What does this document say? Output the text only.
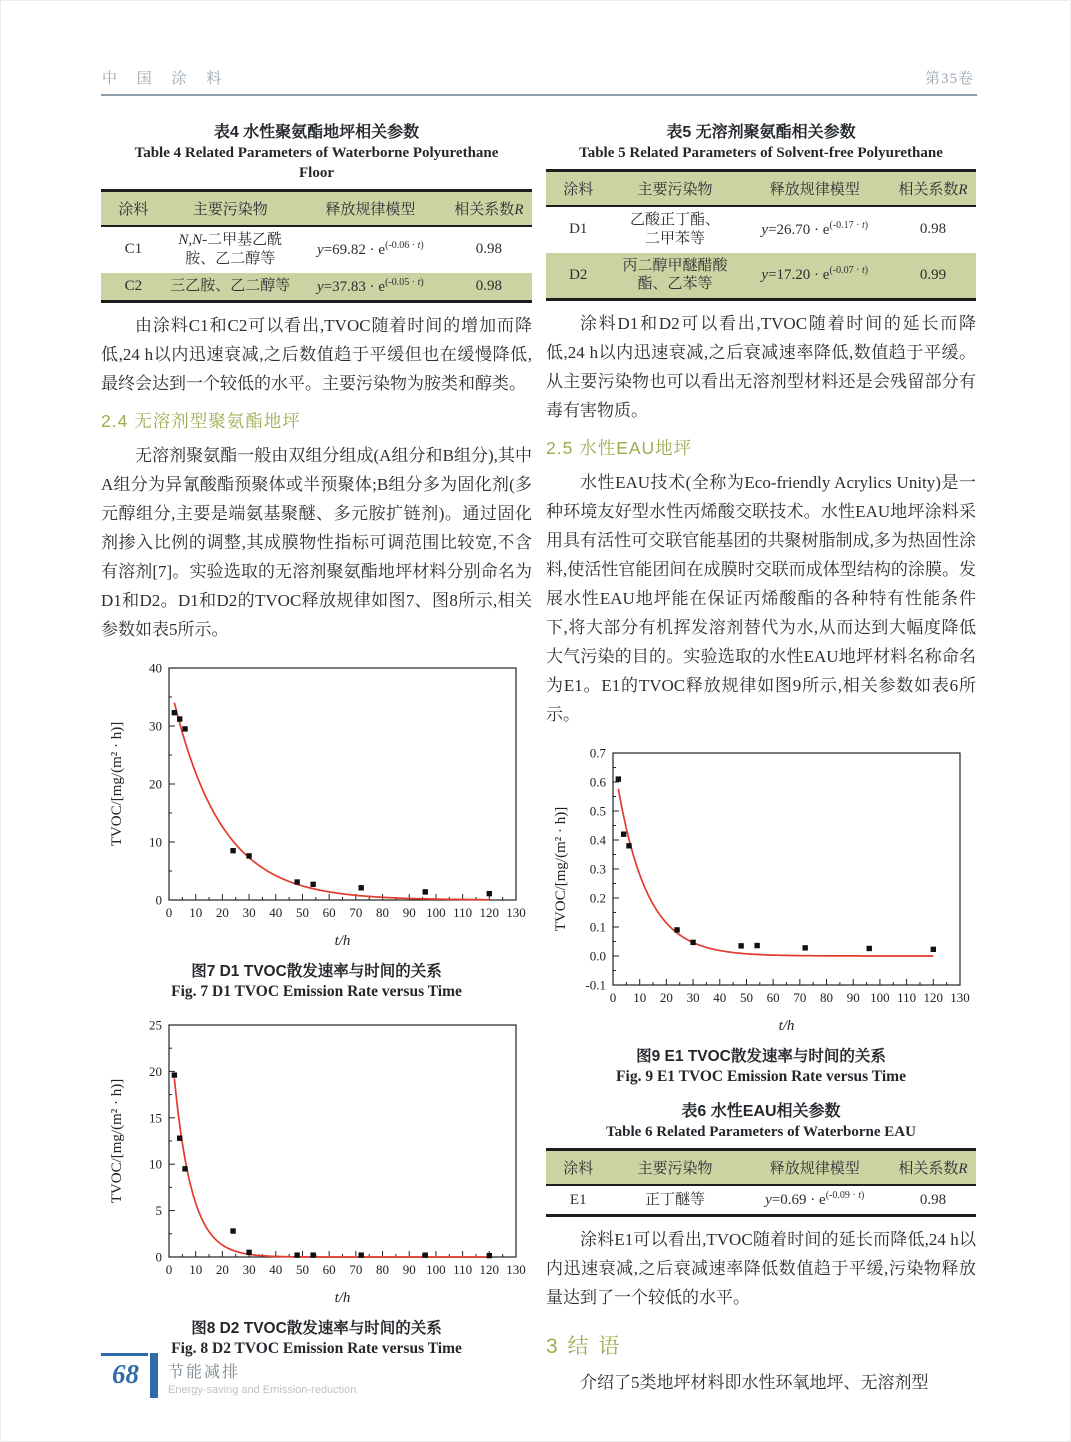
中 国 涂 料	第35卷
表4 水性聚氨酯地坪相关参数
Table 4 Related Parameters of Waterborne Polyurethane
Floor
涂料	主要污染物	释放规律模型	相关系数R
C1	N,N-二甲基乙酰
胺、乙二醇等	$y=69.82 \cdot e^{(-0.06 \cdot t)}$	0.98
C2	三乙胺、乙二醇等	$y=37.83 \cdot e^{(-0.05 \cdot t)}$	0.98

由涂料C1和C2可以看出,TVOC随着时间的增加而降低,24 h以内迅速衰减,之后数值趋于平缓但也在缓慢降低,最终会达到一个较低的水平。主要污染物为胺类和醇类。

2.4 无溶剂型聚氨酯地坪

无溶剂聚氨酯一般由双组分组成(A组分和B组分),其中A组分为异氰酸酯预聚体或半预聚体;B组分多为固化剂(多元醇组分,主要是端氨基聚醚、多元胺扩链剂)。通过固化剂掺入比例的调整,其成膜物性指标可调范围比较宽,不含有溶剂[7]。实验选取的无溶剂聚氨酯地坪材料分别命名为D1和D2。D1和D2的TVOC释放规律如图7、图8所示,相关参数如表5所示。

0 10 20 30 40 50 60 70 80 90 100 110 120 130
0
10
20
30
40
TVOC/[mg/(m² · h)]
t/h
图7 D1 TVOC散发速率与时间的关系
Fig. 7 D1 TVOC Emission Rate versus Time
0 10 20 30 40 50 60 70 80 90 100 110 120 130
0
5
10
15
20
25
TVOC/[mg/(m² · h)]
t/h
图8 D2 TVOC散发速率与时间的关系
Fig. 8 D2 TVOC Emission Rate versus Time
表5 无溶剂聚氨酯相关参数
Table 5 Related Parameters of Solvent-free Polyurethane
涂料	主要污染物	释放规律模型	相关系数R
D1	乙酸正丁酯、
二甲苯等	$y=26.70 \cdot e^{(-0.17 \cdot t)}$	0.98
D2	丙二醇甲醚醋酸
酯、乙苯等	$y=17.20 \cdot e^{(-0.07 \cdot t)}$	0.99

涂料D1和D2可以看出,TVOC随着时间的延长而降低,24 h以内迅速衰减,之后衰减速率降低,数值趋于平缓。从主要污染物也可以看出无溶剂型材料还是会残留部分有毒有害物质。

2.5 水性EAU地坪

水性EAU技术(全称为Eco-friendly Acrylics Unity)是一种环境友好型水性丙烯酸交联技术。水性EAU地坪涂料采用具有活性可交联官能基团的共聚树脂制成,多为热固性涂料,使活性官能团间在成膜时交联而成体型结构的涂膜。发展水性EAU地坪能在保证丙烯酸酯的各种特有性能条件下,将大部分有机挥发溶剂替代为水,从而达到大幅度降低大气污染的目的。实验选取的水性EAU地坪材料名称命名为E1。E1的TVOC释放规律如图9所示,相关参数如表6所示。

0 10 20 30 40 50 60 70 80 90 100 110 120 130
-0.1
0.0
0.1
0.2
0.3
0.4
0.5
0.6
0.7
TVOC/[mg/(m² · h)]
t/h
图9 E1 TVOC散发速率与时间的关系
Fig. 9 E1 TVOC Emission Rate versus Time
表6 水性EAU相关参数
Table 6 Related Parameters of Waterborne EAU
涂料	主要污染物	释放规律模型	相关系数R
E1	正丁醚等	$y=0.69 \cdot e^{(-0.09 \cdot t)}$	0.98

涂料E1可以看出,TVOC随着时间的延长而降低,24 h以内迅速衰减,之后衰减速率降低数值趋于平缓,污染物释放量达到了一个较低的水平。

3 结 语

介绍了5类地坪材料即水性环氧地坪、无溶剂型

68	节能减排
Energy-saving and Emission-reduction
